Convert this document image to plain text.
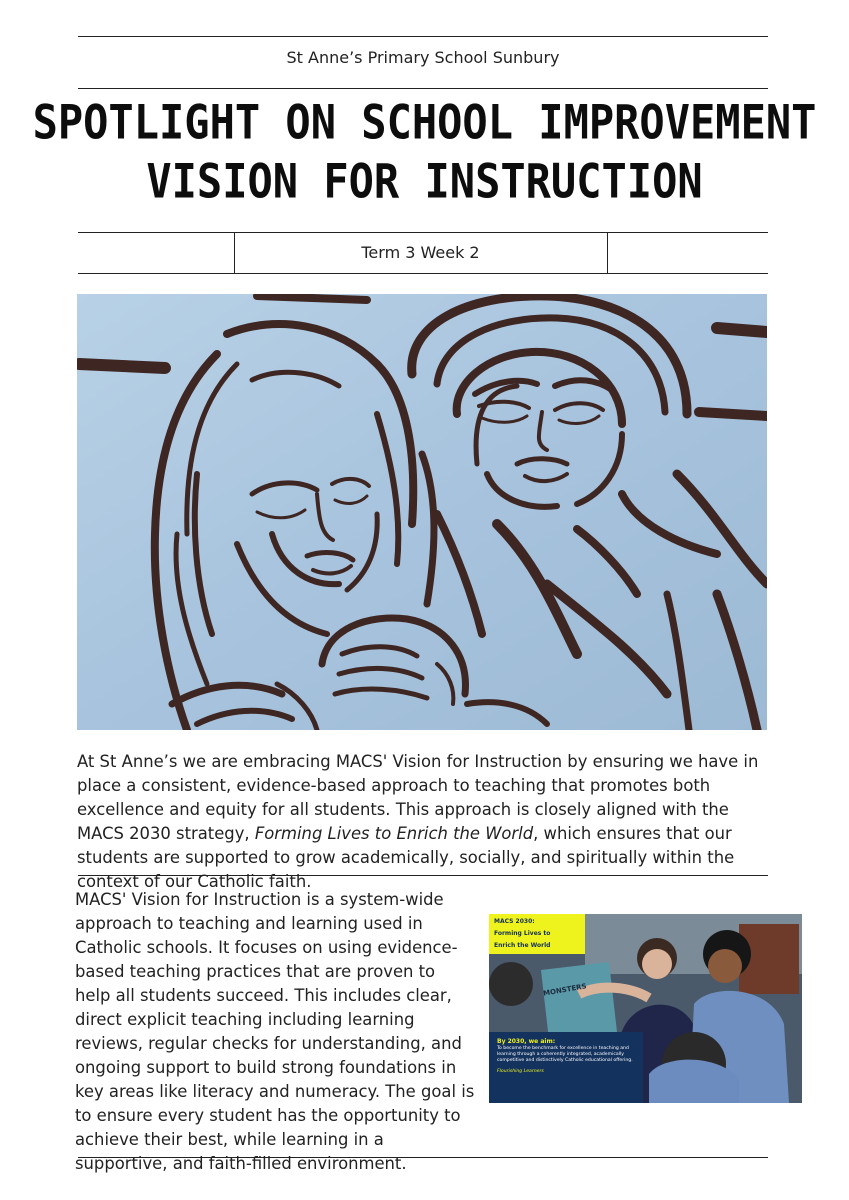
St Anne’s Primary School Sunbury
SPOTLIGHT ON SCHOOL IMPROVEMENT
VISION FOR INSTRUCTION
Term 3 Week 2
At St Anne’s we are embracing MACS' Vision for Instruction by ensuring we have in place a consistent, evidence-based approach to teaching that promotes both excellence and equity for all students. This approach is closely aligned with the MACS 2030 strategy, Forming Lives to Enrich the World, which ensures that our students are supported to grow academically, socially, and spiritually within the context of our Catholic faith.
MACS' Vision for Instruction is a system-wide approach to teaching and learning used in Catholic schools. It focuses on using evidence-based teaching practices that are proven to help all students succeed. This includes clear, direct explicit teaching including learning reviews, regular checks for understanding, and ongoing support to build strong foundations in key areas like literacy and numeracy. The goal is to ensure every student has the opportunity to achieve their best, while learning in a supportive, and faith-filled environment.
MACS 2030:
Forming Lives to
Enrich the World
MONSTERS
By 2030, we aim:
To become the benchmark for excellence in teaching and learning through a coherently integrated, academically competitive and distinctively Catholic educational offering.
Flourishing Learners
